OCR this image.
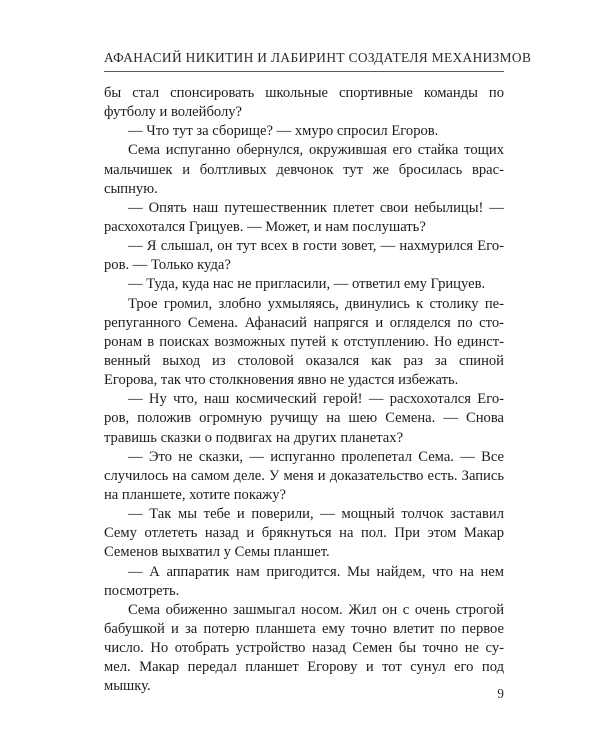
АФАНАСИЙ НИКИТИН И ЛАБИРИНТ СОЗДАТЕЛЯ МЕХАНИЗМОВ
бы стал спонсировать школьные спортивные команды по
футболу и волейболу?
— Что тут за сборище? — хмуро спросил Егоров.
Сема испуганно обернулся, окружившая его стайка тощих
мальчишек и болтливых девчонок тут же бросилась врас-
сыпную.
— Опять наш путешественник плетет свои небылицы! —
расхохотался Грицуев. — Может, и нам послушать?
— Я слышал, он тут всех в гости зовет, — нахмурился Его-
ров. — Только куда?
— Туда, куда нас не пригласили, — ответил ему Грицуев.
Трое громил, злобно ухмыляясь, двинулись к столику пе-
репуганного Семена. Афанасий напрягся и огляделся по сто-
ронам в поисках возможных путей к отступлению. Но единст-
венный выход из столовой оказался как раз за спиной
Егорова, так что столкновения явно не удастся избежать.
— Ну что, наш космический герой! — расхохотался Его-
ров, положив огромную ручищу на шею Семена. — Снова
травишь сказки о подвигах на других планетах?
— Это не сказки, — испуганно пролепетал Сема. — Все
случилось на самом деле. У меня и доказательство есть. Запись
на планшете, хотите покажу?
— Так мы тебе и поверили, — мощный толчок заставил
Сему отлететь назад и брякнуться на пол. При этом Макар
Семенов выхватил у Семы планшет.
— А аппаратик нам пригодится. Мы найдем, что на нем
посмотреть.
Сема обиженно зашмыгал носом. Жил он с очень строгой
бабушкой и за потерю планшета ему точно влетит по первое
число. Но отобрать устройство назад Семен бы точно не су-
мел. Макар передал планшет Егорову и тот сунул его под
мышку.	9
